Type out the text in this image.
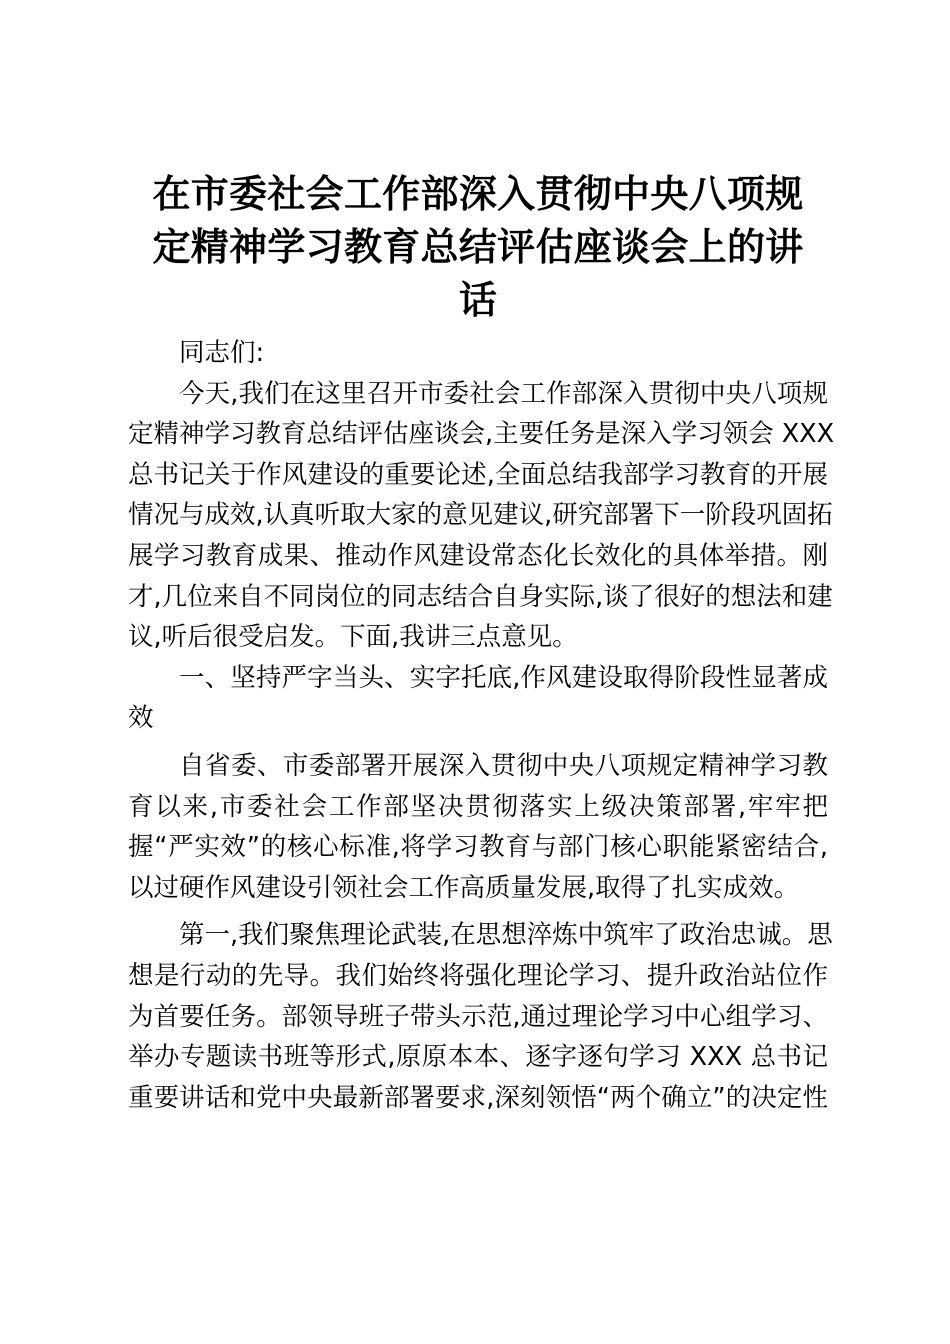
在市委社会工作部深入贯彻中央八项规
定精神学习教育总结评估座谈会上的讲
话
同志们:
今天,我们在这里召开市委社会工作部深入贯彻中央八项规
定精神学习教育总结评估座谈会,主要任务是深入学习领会 XXX
总书记关于作风建设的重要论述,全面总结我部学习教育的开展
情况与成效,认真听取大家的意见建议,研究部署下一阶段巩固拓
展学习教育成果、推动作风建设常态化长效化的具体举措。刚
才,几位来自不同岗位的同志结合自身实际,谈了很好的想法和建
议,听后很受启发。下面,我讲三点意见。
一、坚持严字当头、实字托底,作风建设取得阶段性显著成
效
自省委、市委部署开展深入贯彻中央八项规定精神学习教
育以来,市委社会工作部坚决贯彻落实上级决策部署,牢牢把
握“严实效”的核心标准,将学习教育与部门核心职能紧密结合,
以过硬作风建设引领社会工作高质量发展,取得了扎实成效。
第一,我们聚焦理论武装,在思想淬炼中筑牢了政治忠诚。思
想是行动的先导。我们始终将强化理论学习、提升政治站位作
为首要任务。部领导班子带头示范,通过理论学习中心组学习、
举办专题读书班等形式,原原本本、逐字逐句学习 XXX 总书记
重要讲话和党中央最新部署要求,深刻领悟“两个确立”的决定性
